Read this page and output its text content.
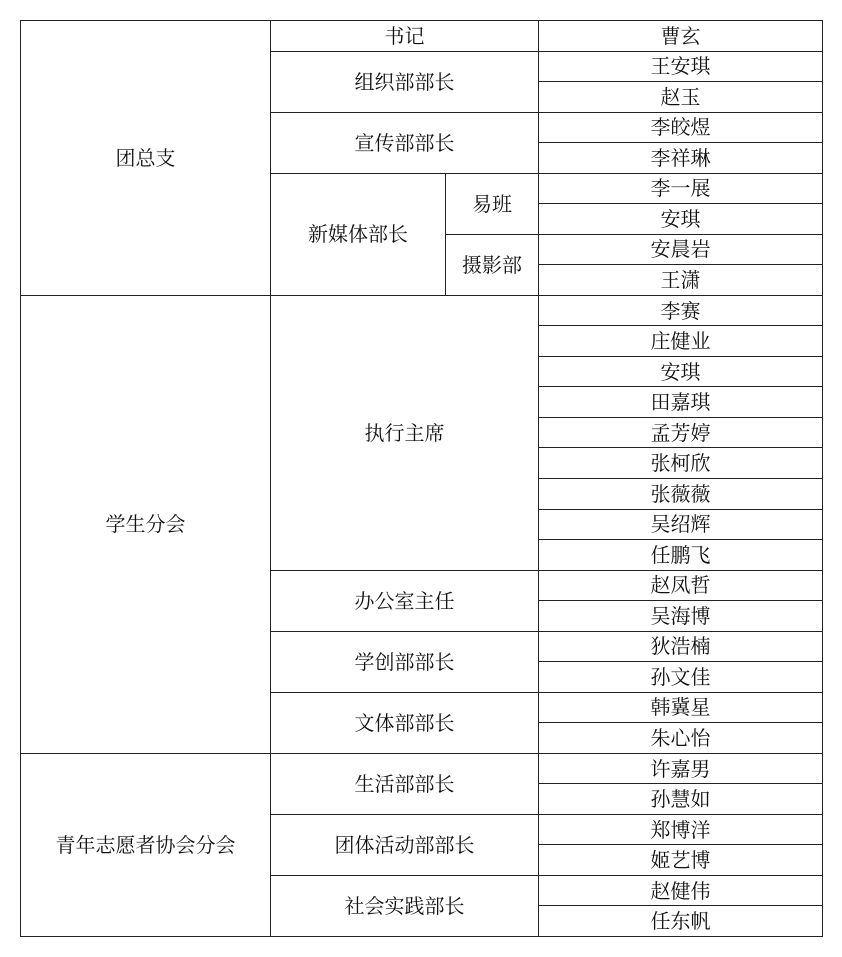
团总支	书记		曹玄
	组织部部长		王安琪
			赵玉
	宣传部部长		李皎煜
			李祥琳
	新媒体部长	易班	李一展
			安琪
		摄影部	安晨岩
			王潇
学生分会	执行主席		李赛
			庄健业
			安琪
			田嘉琪
			孟芳婷
			张柯欣
			张薇薇
			吴绍辉
			任鹏飞
	办公室主任		赵凤哲
			吴海博
	学创部部长		狄浩楠
			孙文佳
	文体部部长		韩冀星
			朱心怡
青年志愿者协会分会	生活部部长		许嘉男
			孙慧如
	团体活动部部长		郑博洋
			姬艺博
	社会实践部长		赵健伟
			任东帆
